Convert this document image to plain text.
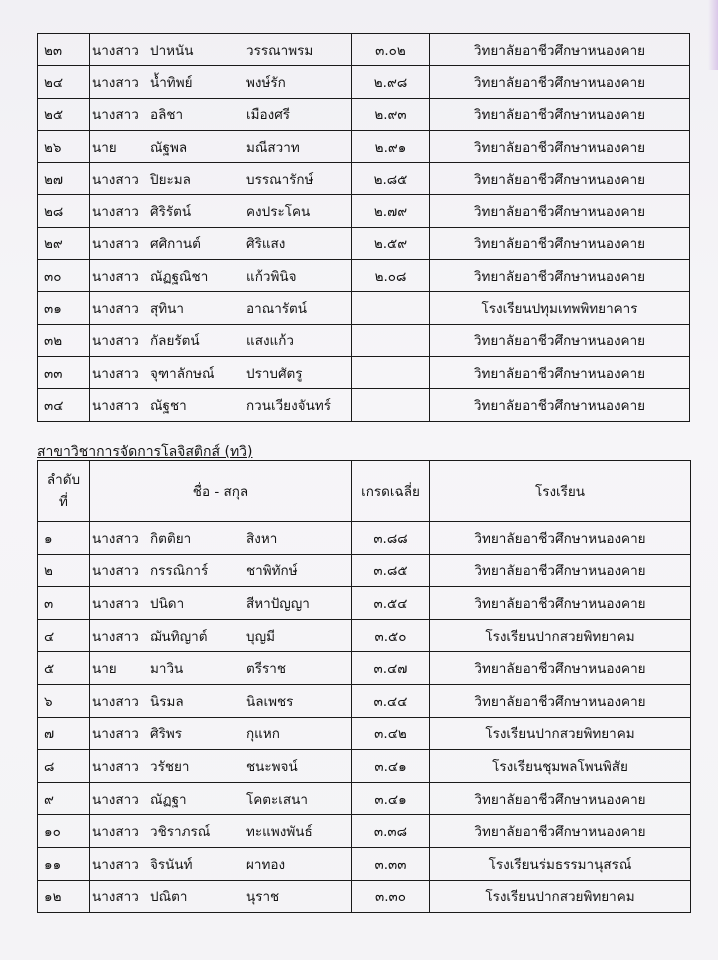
๒๓	นางสาว ปาหนัน วรรณาพรม	๓.๐๒	วิทยาลัยอาชีวศึกษาหนองคาย
๒๔	นางสาว น้ำทิพย์ พงษ์รัก	๒.๙๘	วิทยาลัยอาชีวศึกษาหนองคาย
๒๕	นางสาว อลิชา เมืองศรี	๒.๙๓	วิทยาลัยอาชีวศึกษาหนองคาย
๒๖	นาย ณัฐพล มณีสวาท	๒.๙๑	วิทยาลัยอาชีวศึกษาหนองคาย
๒๗	นางสาว ปิยะมล บรรณารักษ์	๒.๘๕	วิทยาลัยอาชีวศึกษาหนองคาย
๒๘	นางสาว ศิริรัตน์ คงประโคน	๒.๗๙	วิทยาลัยอาชีวศึกษาหนองคาย
๒๙	นางสาว ศศิกานต์ ศิริแสง	๒.๕๙	วิทยาลัยอาชีวศึกษาหนองคาย
๓๐	นางสาว ณัฏฐณิชา แก้วพินิจ	๒.๐๘	วิทยาลัยอาชีวศึกษาหนองคาย
๓๑	นางสาว สุทินา อาณารัตน์		โรงเรียนปทุมเทพพิทยาคาร
๓๒	นางสาว กัลยรัตน์ แสงแก้ว		วิทยาลัยอาชีวศึกษาหนองคาย
๓๓	นางสาว จุฑาลักษณ์ ปราบศัตรู		วิทยาลัยอาชีวศึกษาหนองคาย
๓๔	นางสาว ณัฐชา กวนเวียงจันทร์		วิทยาลัยอาชีวศึกษาหนองคาย
สาขาวิชาการจัดการโลจิสติกส์ (ทวิ)
ลำดับที่	ชื่อ - สกุล	เกรดเฉลี่ย	โรงเรียน
๑	นางสาว กิตติยา สิงหา	๓.๘๘	วิทยาลัยอาชีวศึกษาหนองคาย
๒	นางสาว กรรณิการ์ ชาพิทักษ์	๓.๘๕	วิทยาลัยอาชีวศึกษาหนองคาย
๓	นางสาว ปนิดา สีหาปัญญา	๓.๕๔	วิทยาลัยอาชีวศึกษาหนองคาย
๔	นางสาว ฌันทิญาต์ บุญมี	๓.๕๐	โรงเรียนปากสวยพิทยาคม
๕	นาย มาวิน ตรีราช	๓.๔๗	วิทยาลัยอาชีวศึกษาหนองคาย
๖	นางสาว นิรมล นิลเพชร	๓.๔๔	วิทยาลัยอาชีวศึกษาหนองคาย
๗	นางสาว ศิริพร กุแหก	๓.๔๒	โรงเรียนปากสวยพิทยาคม
๘	นางสาว วรัชยา ชนะพจน์	๓.๔๑	โรงเรียนชุมพลโพนพิสัย
๙	นางสาว ณัฏฐา โคตะเสนา	๓.๔๑	วิทยาลัยอาชีวศึกษาหนองคาย
๑๐	นางสาว วชิราภรณ์ ทะแพงพันธ์	๓.๓๘	วิทยาลัยอาชีวศึกษาหนองคาย
๑๑	นางสาว จิรนันท์ ผาทอง	๓.๓๓	โรงเรียนร่มธรรมานุสรณ์
๑๒	นางสาว ปณิตา นุราช	๓.๓๐	โรงเรียนปากสวยพิทยาคม
